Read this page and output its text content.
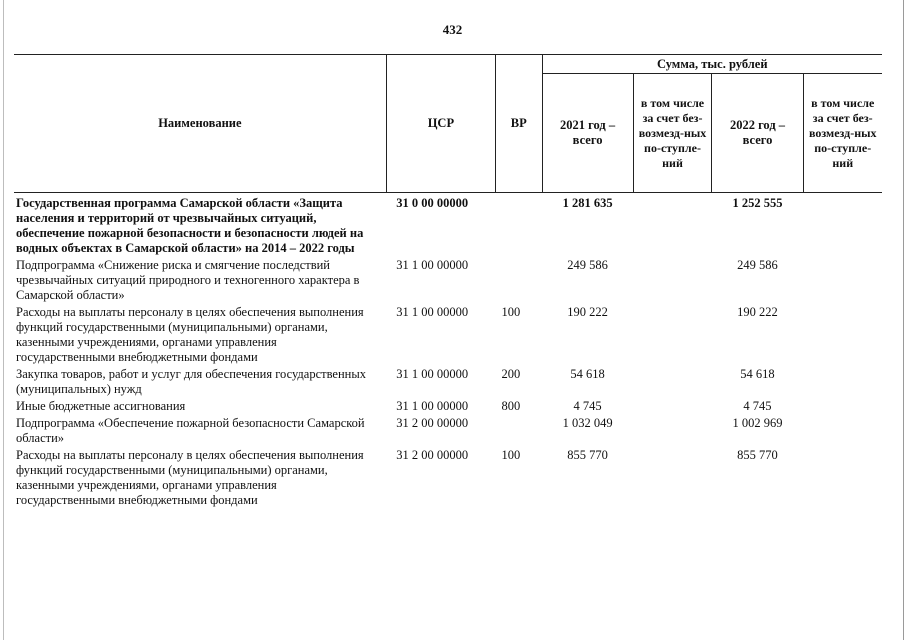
432
Наименование	ЦСР	ВР	Сумма, тыс. рублей			
			2021 год – всего	в том числе за счет без-возмезд-ных по-ступле-ний	2022 год – всего	в том числе за счет без-возмезд-ных по-ступле-ний

Государственная программа Самарской области «Защита населения и территорий от чрезвычайных ситуаций, обеспечение пожарной безопасности и безопасности людей на водных объектах в Самарской области» на 2014 – 2022 годы	31 0 00 00000		1 281 635		1 252 555	
Подпрограмма «Снижение риска и смягчение последствий чрезвычайных ситуаций природного и техногенного характера в Самарской области»	31 1 00 00000		249 586		249 586	
Расходы на выплаты персоналу в целях обеспечения выполнения функций государственными (муниципальными) органами, казенными учреждениями, органами управления государственными внебюджетными фондами	31 1 00 00000	100	190 222		190 222	
Закупка товаров, работ и услуг для обеспечения государственных (муниципальных) нужд	31 1 00 00000	200	54 618		54 618	
Иные бюджетные ассигнования	31 1 00 00000	800	4 745		4 745	
Подпрограмма «Обеспечение пожарной безопасности Самарской области»	31 2 00 00000		1 032 049		1 002 969	
Расходы на выплаты персоналу в целях обеспечения выполнения функций государственными (муниципальными) органами, казенными учреждениями, органами управления государственными внебюджетными фондами	31 2 00 00000	100	855 770		855 770	
